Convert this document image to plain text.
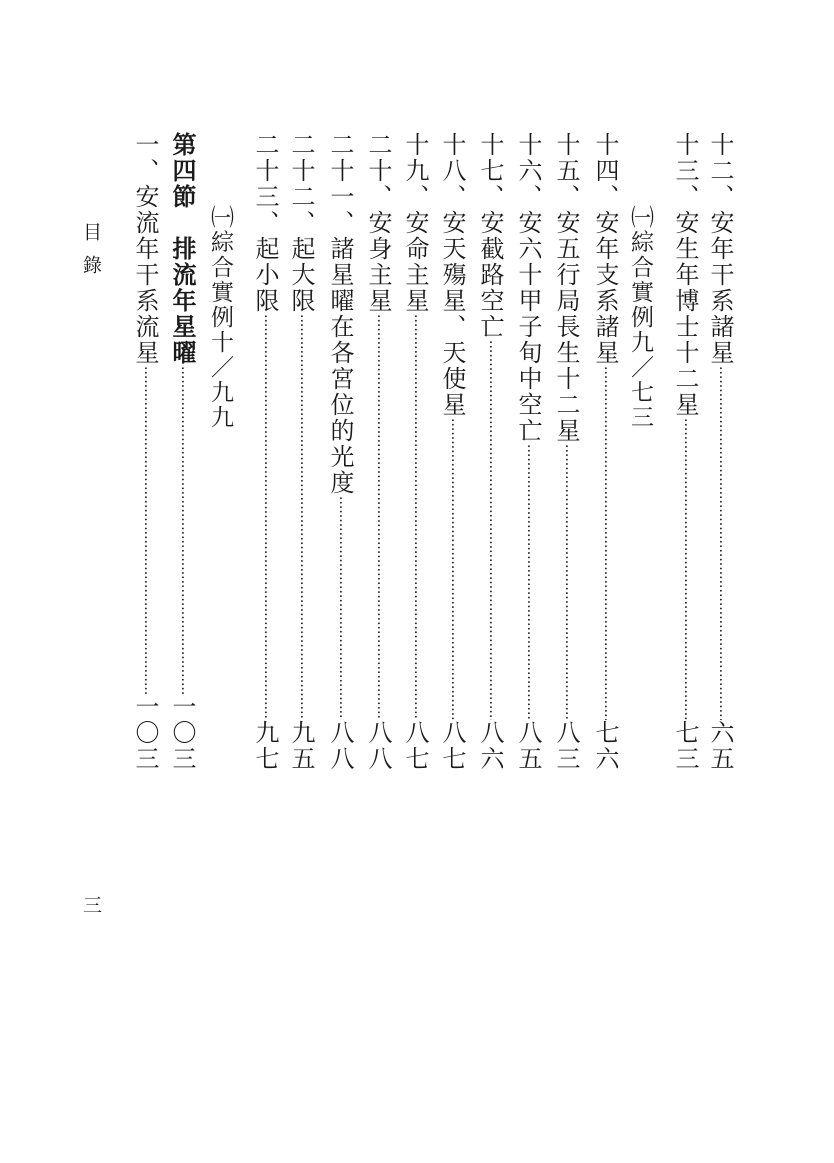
十二、安年干系諸星
·····
六五
十三、安生年博士十二星
·····
七三
㈠綜合實例九／七三
十四、安年支系諸星
·····
七六
十五、安五行局長生十二星
·····
八三
十六、安六十甲子旬中空亡
·····
八五
十七、安截路空亡
·····
八六
十八、安天殤星、天使星
·····
八七
十九、安命主星
·····
八七
二十、安身主星
·····
八八
二十一、諸星曜在各宮位的光度
·····
八八
二十二、起大限
·····
九五
二十三、起小限
·····
九七
㈠綜合實例十／九九
第四節　排流年星曜
·····
一〇三
一、安流年干系流星
·····
一〇三
目錄
三
